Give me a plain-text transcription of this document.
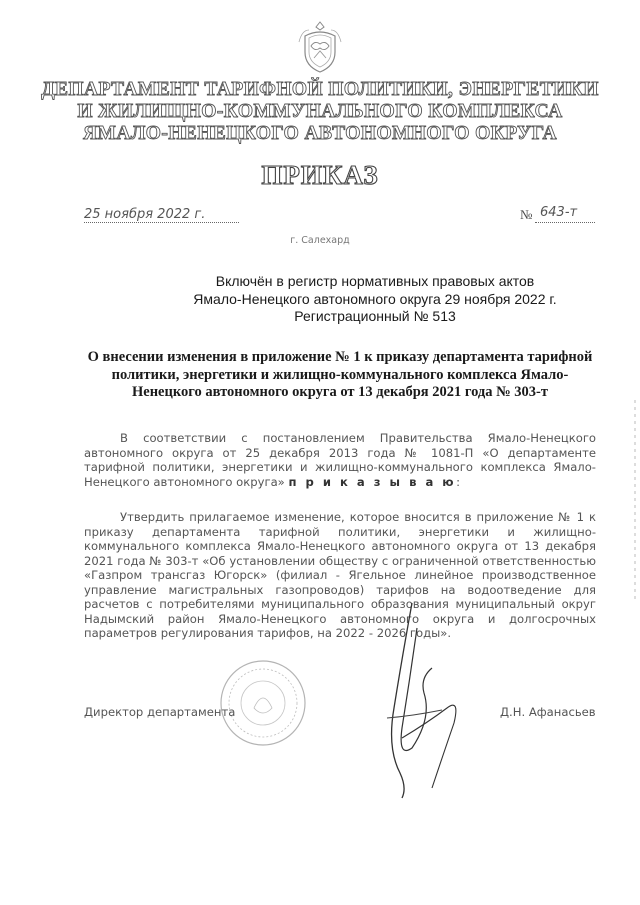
ДЕПАРТАМЕНТ ТАРИФНОЙ ПОЛИТИКИ, ЭНЕРГЕТИКИ
И ЖИЛИЩНО-КОММУНАЛЬНОГО КОМПЛЕКСА
ЯМАЛО-НЕНЕЦКОГО АВТОНОМНОГО ОКРУГА
ПРИКАЗ
25 ноября 2022 г.	№ 643-т
г. Салехард
Включён в регистр нормативных правовых актов
Ямало-Ненецкого автономного округа 29 ноября 2022 г.
Регистрационный № 513
О внесении изменения в приложение № 1 к приказу департамента тарифной политики, энергетики и жилищно-коммунального комплекса Ямало-Ненецкого автономного округа от 13 декабря 2021 года № 303-т

В соответствии с постановлением Правительства Ямало-Ненецкого автономного округа от 25 декабря 2013 года № 1081-П «О департаменте тарифной политики, энергетики и жилищно-коммунального комплекса Ямало-Ненецкого автономного округа» п р и к а з ы в а ю:

Утвердить прилагаемое изменение, которое вносится в приложение № 1 к приказу департамента тарифной политики, энергетики и жилищно-коммунального комплекса Ямало-Ненецкого автономного округа от 13 декабря 2021 года № 303-т «Об установлении обществу с ограниченной ответственностью «Газпром трансгаз Югорск» (филиал - Ягельное линейное производственное управление магистральных газопроводов) тарифов на водоотведение для расчетов с потребителями муниципального образования муниципальный округ Надымский район Ямало-Ненецкого автономного округа и долгосрочных параметров регулирования тарифов, на 2022 - 2026 годы».

Директор департамента	Д.Н. Афанасьев
